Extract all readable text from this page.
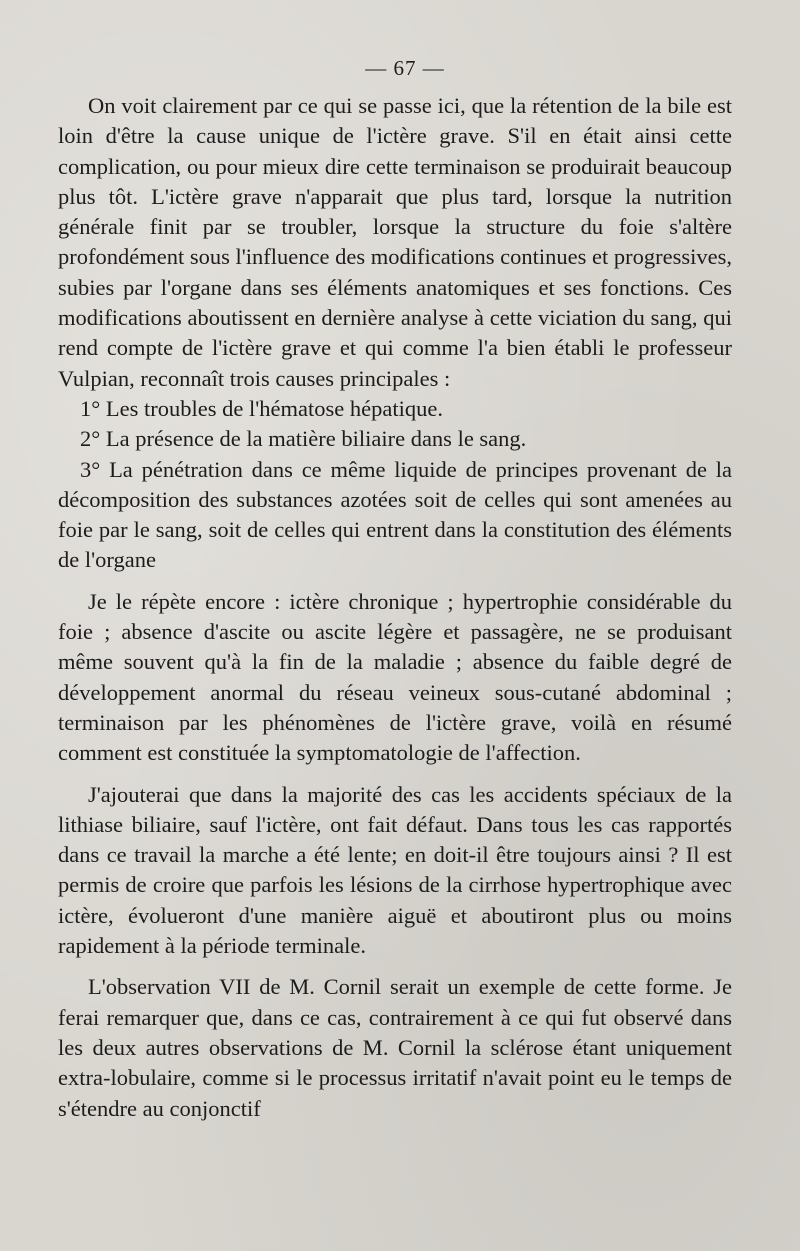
— 67 —

On voit clairement par ce qui se passe ici, que la rétention de la bile est loin d'être la cause unique de l'ictère grave. S'il en était ainsi cette complication, ou pour mieux dire cette terminaison se produirait beaucoup plus tôt. L'ictère grave n'apparait que plus tard, lorsque la nutrition générale finit par se troubler, lorsque la structure du foie s'altère profondément sous l'influence des modifications continues et progressives, subies par l'organe dans ses éléments anatomiques et ses fonctions. Ces modifications aboutissent en dernière analyse à cette viciation du sang, qui rend compte de l'ictère grave et qui comme l'a bien établi le professeur Vulpian, reconnaît trois causes principales :

1° Les troubles de l'hématose hépatique.

2° La présence de la matière biliaire dans le sang.

3° La pénétration dans ce même liquide de principes provenant de la décomposition des substances azotées soit de celles qui sont amenées au foie par le sang, soit de celles qui entrent dans la constitution des éléments de l'organe

Je le répète encore : ictère chronique ; hypertrophie considérable du foie ; absence d'ascite ou ascite légère et passagère, ne se produisant même souvent qu'à la fin de la maladie ; absence du faible degré de développement anormal du réseau veineux sous-cutané abdominal ; terminaison par les phénomènes de l'ictère grave, voilà en résumé comment est constituée la symptomatologie de l'affection.

J'ajouterai que dans la majorité des cas les accidents spéciaux de la lithiase biliaire, sauf l'ictère, ont fait défaut. Dans tous les cas rapportés dans ce travail la marche a été lente; en doit-il être toujours ainsi ? Il est permis de croire que parfois les lésions de la cirrhose hypertrophique avec ictère, évolueront d'une manière aiguë et aboutiront plus ou moins rapidement à la période terminale.

L'observation VII de M. Cornil serait un exemple de cette forme. Je ferai remarquer que, dans ce cas, contrairement à ce qui fut observé dans les deux autres observations de M. Cornil la sclérose étant uniquement extra-lobulaire, comme si le processus irritatif n'avait point eu le temps de s'étendre au conjonctif
